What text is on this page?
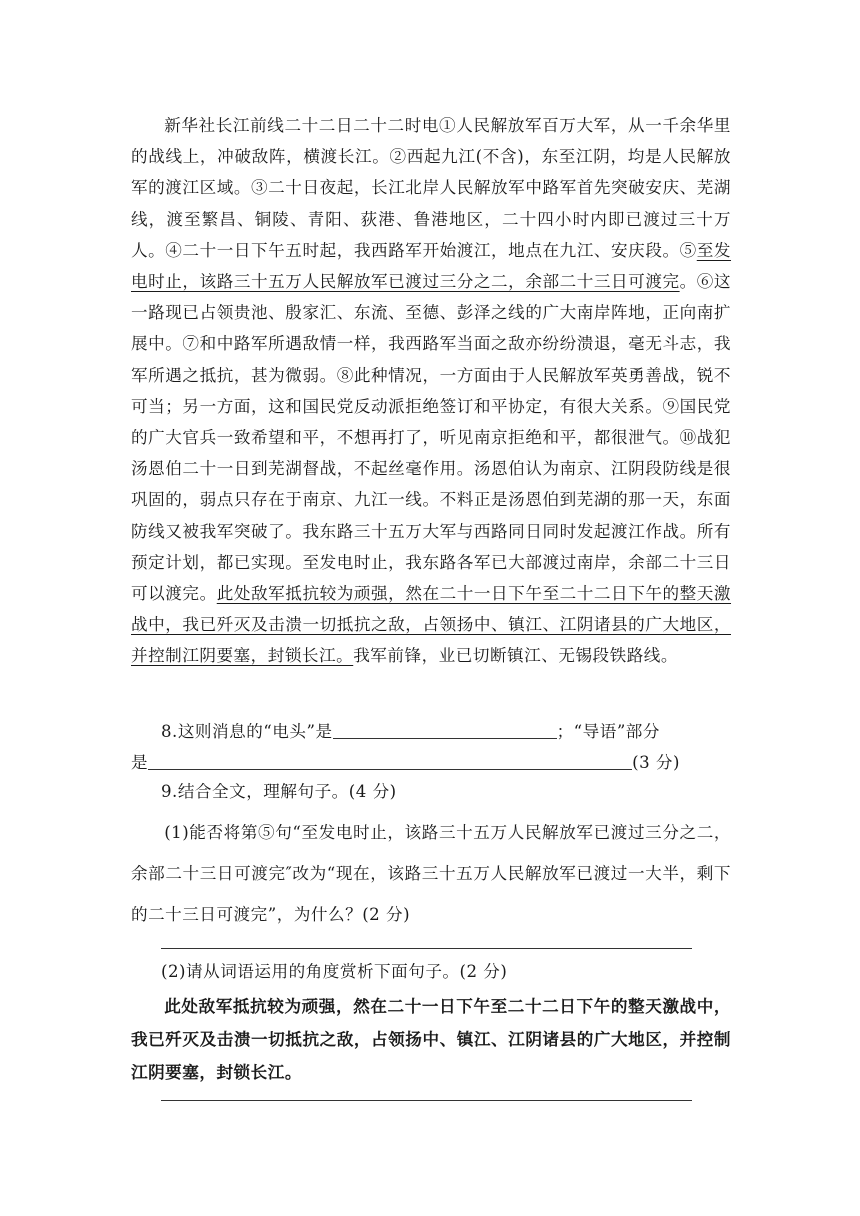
新华社长江前线二十二日二十二时电①人民解放军百万大军，从一千余华里的战线上，冲破敌阵，横渡长江。②西起九江(不含)，东至江阴，均是人民解放军的渡江区域。③二十日夜起，长江北岸人民解放军中路军首先突破安庆、芜湖线，渡至繁昌、铜陵、青阳、荻港、鲁港地区，二十四小时内即已渡过三十万人。④二十一日下午五时起，我西路军开始渡江，地点在九江、安庆段。⑤至发电时止，该路三十五万人民解放军已渡过三分之二，余部二十三日可渡完。⑥这一路现已占领贵池、殷家汇、东流、至德、彭泽之线的广大南岸阵地，正向南扩展中。⑦和中路军所遇敌情一样，我西路军当面之敌亦纷纷溃退，毫无斗志，我军所遇之抵抗，甚为微弱。⑧此种情况，一方面由于人民解放军英勇善战，锐不可当；另一方面，这和国民党反动派拒绝签订和平协定，有很大关系。⑨国民党的广大官兵一致希望和平，不想再打了，听见南京拒绝和平，都很泄气。⑩战犯汤恩伯二十一日到芜湖督战，不起丝毫作用。汤恩伯认为南京、江阴段防线是很巩固的，弱点只存在于南京、九江一线。不料正是汤恩伯到芜湖的那一天，东面防线又被我军突破了。我东路三十五万大军与西路同日同时发起渡江作战。所有预定计划，都已实现。至发电时止，我东路各军已大部渡过南岸，余部二十三日可以渡完。此处敌军抵抗较为顽强，然在二十一日下午至二十二日下午的整天激战中，我已歼灭及击溃一切抵抗之敌，占领扬中、镇江、江阴诸县的广大地区，并控制江阴要塞，封锁长江。我军前锋，业已切断镇江、无锡段铁路线。

8.这则消息的“电头”是	；“导语”部分

是	(3 分)

9.结合全文，理解句子。(4 分)

(1)能否将第⑤句“至发电时止，该路三十五万人民解放军已渡过三分之二，余部二十三日可渡完″改为“现在，该路三十五万人民解放军已渡过一大半，剩下的二十三日可渡完”，为什么？(2 分)

(2)请从词语运用的角度赏析下面句子。(2 分)

此处敌军抵抗较为顽强，然在二十一日下午至二十二日下午的整天激战中，我已歼灭及击溃一切抵抗之敌，占领扬中、镇江、江阴诸县的广大地区，并控制江阴要塞，封锁长江。
